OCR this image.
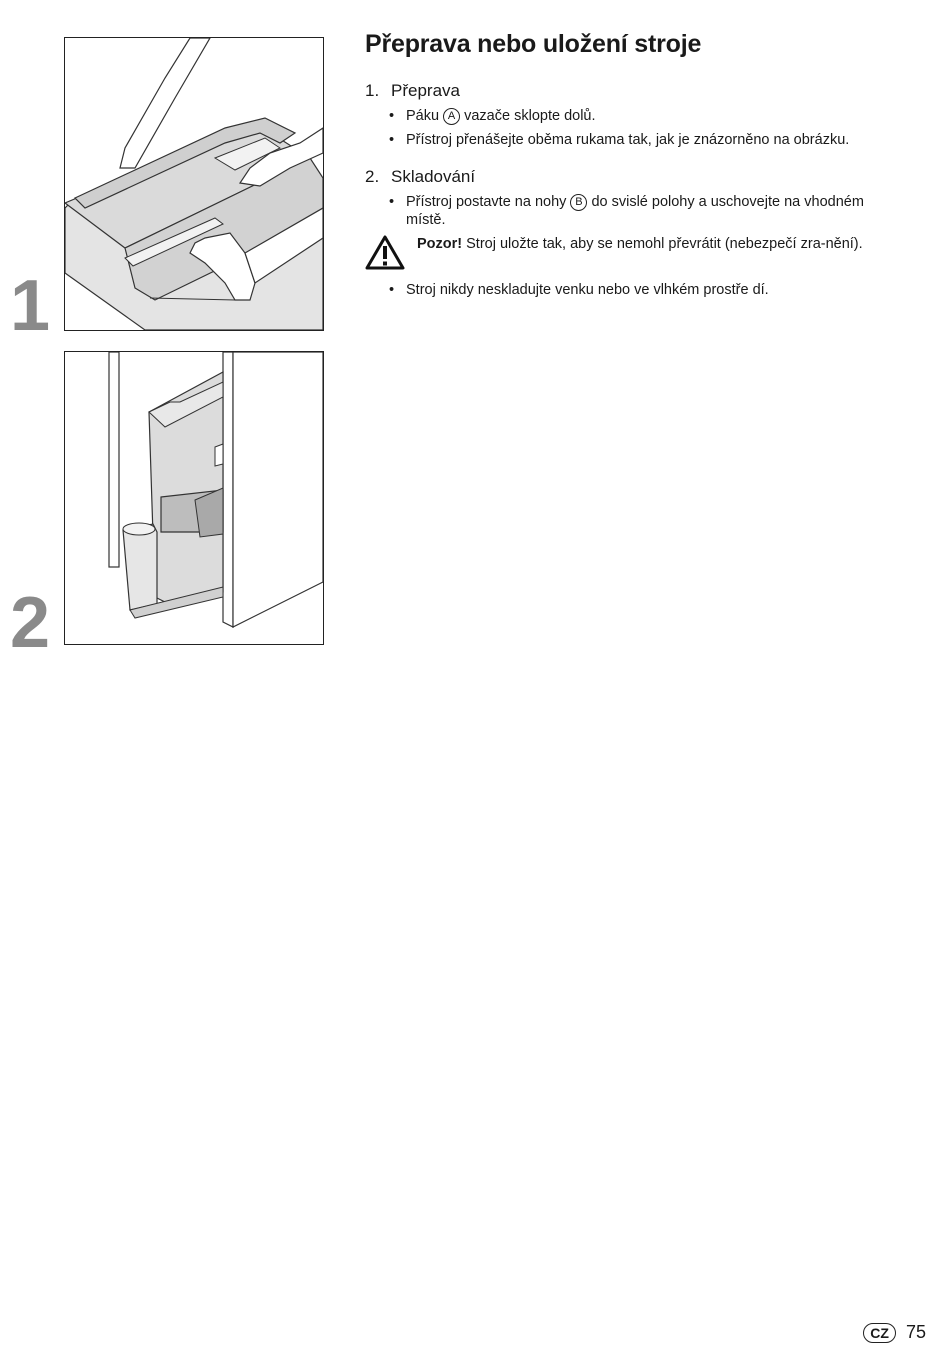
1
2
Přeprava nebo uložení stroje
1. Přeprava
• Páku A vazače sklopte dolů.
• Přístroj přenášejte oběma rukama tak, jak je znázorněno na obrázku.
2. Skladování
• Přístroj postavte na nohy B do svislé polohy a uschovejte na vhodném místě.

Pozor! Stroj uložte tak, aby se nemohl převrátit (nebezpečí zra-nění).

• Stroj nikdy neskladujte venku nebo ve vlhkém prostře dí.
CZ 75
